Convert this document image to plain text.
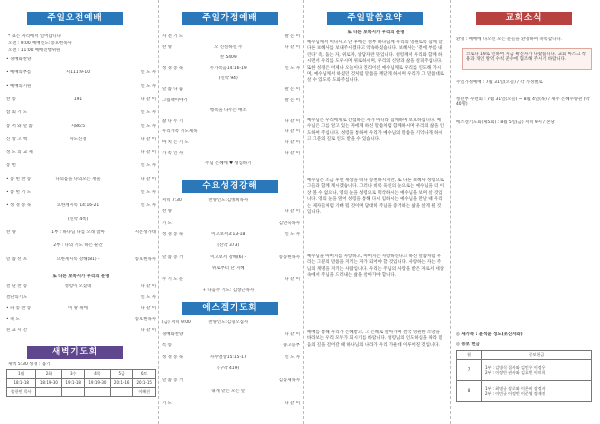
주일오전예배
* 표는 자리에서 일어납니다
오전 : 9:00 예배인도:송호현목사
오전 : 11:00 예배진행위원
• 경배와찬양
• 예배의부름	시111:9-10	인 도 자
• 예배의기원	인 도 자
찬 송	191	다 같 이
참 회 기 도	인 도 자
봉 서 와 말 씀	시86:5	인 도 자
신 앙 고 백	사도신경	다 같 이
성 도 의 교 제	다 같 이
봉 헌	인 도 자
• 봉 헌 찬 송	나의몸을 나의모든 재물	다 같 이
• 봉 헌 기 도	인 도 자
• 성 경 봉 독	요한계시록 14:16-21	인 도 자
(신약 4쪽)
찬 양	1부 : 하나님 다를 오래 참아	시온성가대
2부 : 나의 기도 하는 순간
말 씀 선 포	요한계시록 강해(81) -	송호현목사
또 다른 보복시가 우리의 운명
결 단 찬 송	성령이 오셨네	다 같 이
결단의기도	인 도 자
• 파 송 찬 송	이 땅 위에	다 같 이
• 축 도	송호현목사
친 교 시 간	다 같 이
새벽기도회
새벽 5:30 성경 : 욥기
1월	2화	3수	4목	5금	6토
18:1-18	18:19-30	19:1-18	19:19-30	20:1-16	20:1-15
송한빈 목사					이혜진
주일가정예배
사 전 기 도	팔 돈 이
찬 양	오 신실하신 주	다 같 이
찬 5409
성 경 봉 독	누가복음14:16-19	인 도 자
(신약 94)
말 씀 나 눔	팔 돈 이
그림책이야기	팔 돈 이
행복을 나누는 배소
삶 나 누 기	다 같 이
우리가족 기도제목	다 같 이
마 치 는 기 도	다 같 이
가 족 인 사	다 같 이
주님 은혜에 ♥ 성심하기
수요성경강해
저녁 7:30	찬양인도:김병희목사
찬 양	다 같 이
기 도	김연숙목사
성 경 봉 독	이고보서3:13-18	인 도 자
(신약 373)
말 씀 증 거	이고보서 강해(6) -	송동현목사
위로부터 난 지혜
주 기 도 문	다 같 이
+ 다음주 기도: 김창근목사
에스겔기도회
(금) 저녁 9:00	찬양인도:김형오집사
경배와찬양	다 같 이
특 송	중고등부
성 경 봉 독	사무엘상15:15-17	인 도 자
(구약 419)
말 씀 증 거	김동제목사
내게 맡는 모든 말
기 도	다 같 이
주일말씀요약
또 다른 보복시가 우리의 운명
예수님께서 이나시고 난 후에는 성부 하나님께 우리의 영원토록 함께 할 다른 보혜사를 보내주시겠다고 약속하셨습니다. 보혜사는 '곁에 부름 내린다' 즉, 돕는 자, 위로자, 상담자란 뜻입니다. 성령께서 우리와 함께 하시면서 우리를 도우시며 위로하시며, 우리의 신앙과 삶을 살피주십니다. 또한 성경은 어제나 오늘이나 진리이신 예수님께로 우리를 인도해 가시며, 예수님께서 하셨던 것처럼 말씀을 깨닫게 하시며 우리가 그 말씀대로 살 수 있도록 도와주십니다.
예수님은 우리에게로 간섭하는 자가 아니라 함께하며 보호하십니다. 예수님은 그를 알고 있는 자에게 하신 말씀처럼 함께하시며 우리의 삶을 인도하여 주십니다. 성령을 통하여 우리가 예수님의 말씀을 기억나게 하시고 그분의 길로 인도 받을 수 있습니다.
예수님은 조금 후면 세상을 떠나 승천하시지만, 또 다른 보혜사 성령으로 그들과 함께 계시겠습니다. 그러나 비록 육신의 눈으로는 예수님을 더 이상 볼 수 없으나, 영의 눈을 성령으로 떡삭하시는 예수님을 보며 살 것입니다. 영의 눈을 열어 성령을 통해 다시 임하시는 예수님을 만날 때 우리는 제자들처럼 기뻐 뛸 것이며 담대히 주님을 증거하는 삶을 살게 될 것입니다.
예수님을 아버지를 사랑하고, 아버지는 사랑하신다고 하신 말씀처럼 우리는 그분의 말씀을 지키는 자가 되어야 할 것입니다. 사랑하는 자는 주님의 계명을 지키는 사람입니다. 우리는 주님의 사랑을 받은 자로서 세상 속에서 주님을 드러내는 삶을 살아가야 합니다.
예배를 통해 우리가 은혜받고, 그 은혜로 살아가며 결국 영원한 소망을 바라보는 우리 모두가 되시기를 바랍니다. 성령님의 인도하심을 따라 믿음의 길을 걸어갈 때 하나님의 나라가 우리 가운데 이루어질 것입니다.
교회소식
환영 : 예배에 나오신 모든 분들을 환영하며 축복합니다.
코로나 19로 인하여 지금 확진자가 나왔습니다. 교회 마스크 착용과 개인 방역 수칙 준수에 협조해 주시기 바랍니다.
주일가정예배 : 7월 31일(오늘) / 각 가정별로
청년부 수련회 : 7월 31일(오늘) ~ 8월 4일(목) / 제주 은혜수양관 (약 40명)
에스겔기도회(제5회) : 8월 5일(금) 저녁 9시 / 본당
◎ 새가족 : 윤석윤 성도(초신자와)
◎ 중보 헌금
월	중보헌금
7	1부 : 김명식 집사와 김민우 이정우
2부 : 이정빈 권사와 김호빈 이미희
8	1부 : 최명규 장로와 이은비 장정자
2부 : 이민규 이정빈 이준영 정재진
